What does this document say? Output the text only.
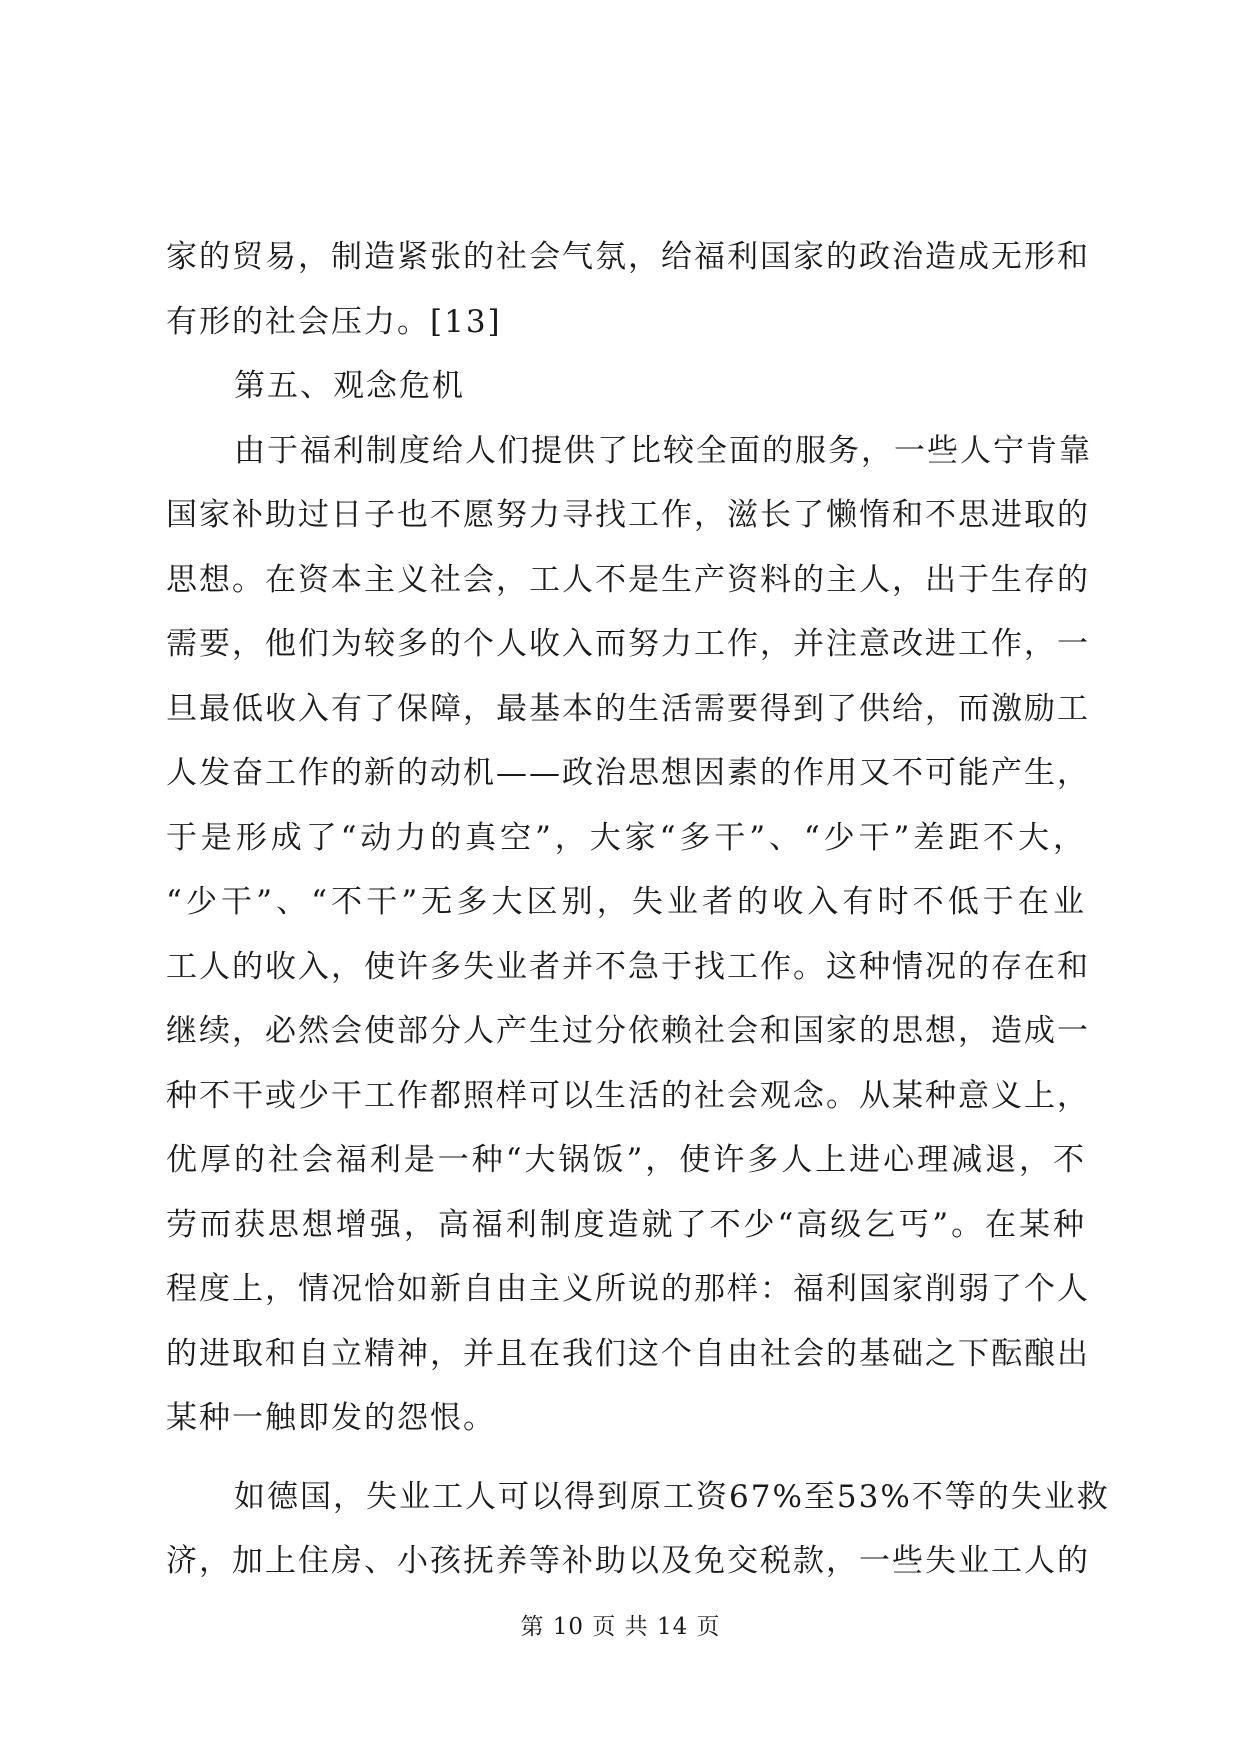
家的贸易，制造紧张的社会气氛，给福利国家的政治造成无形和
有形的社会压力。[13]
第五、观念危机
由于福利制度给人们提供了比较全面的服务，一些人宁肯靠
国家补助过日子也不愿努力寻找工作，滋长了懒惰和不思进取的
思想。在资本主义社会，工人不是生产资料的主人，出于生存的
需要，他们为较多的个人收入而努力工作，并注意改进工作，一
旦最低收入有了保障，最基本的生活需要得到了供给，而激励工
人发奋工作的新的动机——政治思想因素的作用又不可能产生，
于是形成了“动力的真空”，大家“多干”、“少干”差距不大，
“少干”、“不干”无多大区别，失业者的收入有时不低于在业
工人的收入，使许多失业者并不急于找工作。这种情况的存在和
继续，必然会使部分人产生过分依赖社会和国家的思想，造成一
种不干或少干工作都照样可以生活的社会观念。从某种意义上，
优厚的社会福利是一种“大锅饭”，使许多人上进心理减退，不
劳而获思想增强，高福利制度造就了不少“高级乞丐”。在某种
程度上，情况恰如新自由主义所说的那样：福利国家削弱了个人
的进取和自立精神，并且在我们这个自由社会的基础之下酝酿出
某种一触即发的怨恨。
如德国，失业工人可以得到原工资67%至53%不等的失业救
济，加上住房、小孩抚养等补助以及免交税款，一些失业工人的
第 10 页 共 14 页
